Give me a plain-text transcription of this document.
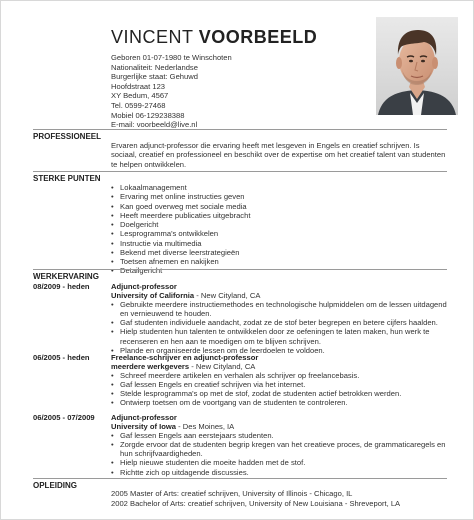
VINCENT VOORBEELD
Geboren 01-07-1980 te Winschoten
Nationaliteit: Nederlandse
Burgerlijke staat: Gehuwd
Hoofdstraat 123
XY Bedum, 4567
Tel. 0599-27468
Mobiel 06-129238388
E-mail: voorbeeld@live.nl
PROFESSIONEEL
Ervaren adjunct-professor die ervaring heeft met lesgeven in Engels en creatief schrijven. Is sociaal, creatief en professioneel en beschikt over de expertise om het creatief talent van studenten te helpen ontwikkelen.
STERKE PUNTEN
• Lokaalmanagement
• Ervaring met online instructies geven
• Kan goed overweg met sociale media
• Heeft meerdere publicaties uitgebracht
• Doelgericht
• Lesprogramma's ontwikkelen
• Instructie via multimedia
• Bekend met diverse leerstrategieën
• Toetsen afnemen en nakijken
• Detailgericht
WERKERVARING
08/2009 - heden	Adjunct-professor
University of California - New Cityland, CA
• Gebruikte meerdere instructiemethodes en technologische hulpmiddelen om de lessen uitdagend en vernieuwend te houden.
• Gaf studenten individuele aandacht, zodat ze de stof beter begrepen en betere cijfers haalden.
• Hielp studenten hun talenten te ontwikkelen door ze oefeningen te laten maken, hun werk te recenseren en hen aan te moedigen om te blijven schrijven.
• Plande en organiseerde lessen om de leerdoelen te voldoen.
06/2005 - heden	Freelance-schrijver en adjunct-professor
meerdere werkgevers - New Cityland, CA
• Schreef meerdere artikelen en verhalen als schrijver op freelancebasis.
• Gaf lessen Engels en creatief schrijven via het internet.
• Stelde lesprogramma's op met de stof, zodat de studenten actief betrokken werden.
• Ontwierp toetsen om de voortgang van de studenten te controleren.
06/2005 - 07/2009 Adjunct-professor
University of Iowa - Des Moines, IA
• Gaf lessen Engels aan eerstejaars studenten.
• Zorgde ervoor dat de studenten begrip kregen van het creatieve proces, de grammaticaregels en hun schrijfvaardigheden.
• Hielp nieuwe studenten die moeite hadden met de stof.
• Richtte zich op uitdagende discussies.
OPLEIDING
2005 Master of Arts: creatief schrijven, University of Illinois - Chicago, IL
2002 Bachelor of Arts: creatief schrijven, University of New Louisiana - Shreveport, LA
